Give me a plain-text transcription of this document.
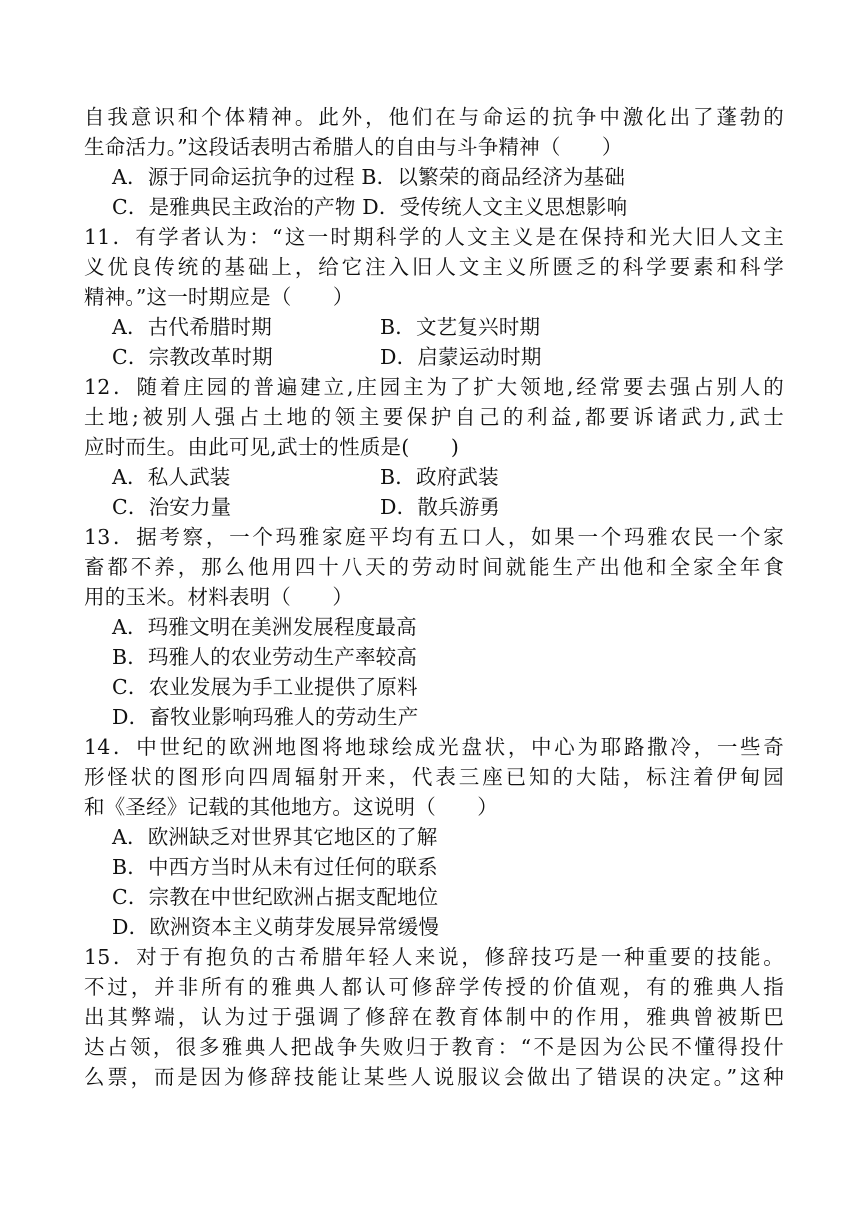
自我意识和个体精神。此外，他们在与命运的抗争中激化出了蓬勃的
生命活力。”这段话表明古希腊人的自由与斗争精神（　　）
A．源于同命运抗争的过程 B．以繁荣的商品经济为基础
C．是雅典民主政治的产物 D．受传统人文主义思想影响
11．有学者认为：“这一时期科学的人文主义是在保持和光大旧人文主
义优良传统的基础上，给它注入旧人文主义所匮乏的科学要素和科学
精神。”这一时期应是（　　）
A．古代希腊时期	B．文艺复兴时期
C．宗教改革时期	D．启蒙运动时期
12．随着庄园的普遍建立,庄园主为了扩大领地,经常要去强占别人的
土地;被别人强占土地的领主要保护自己的利益,都要诉诸武力,武士
应时而生。由此可见,武士的性质是(　　)
A．私人武装	B．政府武装
C．治安力量	D．散兵游勇
13．据考察，一个玛雅家庭平均有五口人，如果一个玛雅农民一个家
畜都不养，那么他用四十八天的劳动时间就能生产出他和全家全年食
用的玉米。材料表明（　　）
A．玛雅文明在美洲发展程度最高
B．玛雅人的农业劳动生产率较高
C．农业发展为手工业提供了原料
D．畜牧业影响玛雅人的劳动生产
14．中世纪的欧洲地图将地球绘成光盘状，中心为耶路撒冷，一些奇
形怪状的图形向四周辐射开来，代表三座已知的大陆，标注着伊甸园
和《圣经》记载的其他地方。这说明（　　）
A．欧洲缺乏对世界其它地区的了解
B．中西方当时从未有过任何的联系
C．宗教在中世纪欧洲占据支配地位
D．欧洲资本主义萌芽发展异常缓慢
15．对于有抱负的古希腊年轻人来说，修辞技巧是一种重要的技能。
不过，并非所有的雅典人都认可修辞学传授的价值观，有的雅典人指
出其弊端，认为过于强调了修辞在教育体制中的作用，雅典曾被斯巴
达占领，很多雅典人把战争失败归于教育：“不是因为公民不懂得投什
么票，而是因为修辞技能让某些人说服议会做出了错误的决定。”这种
